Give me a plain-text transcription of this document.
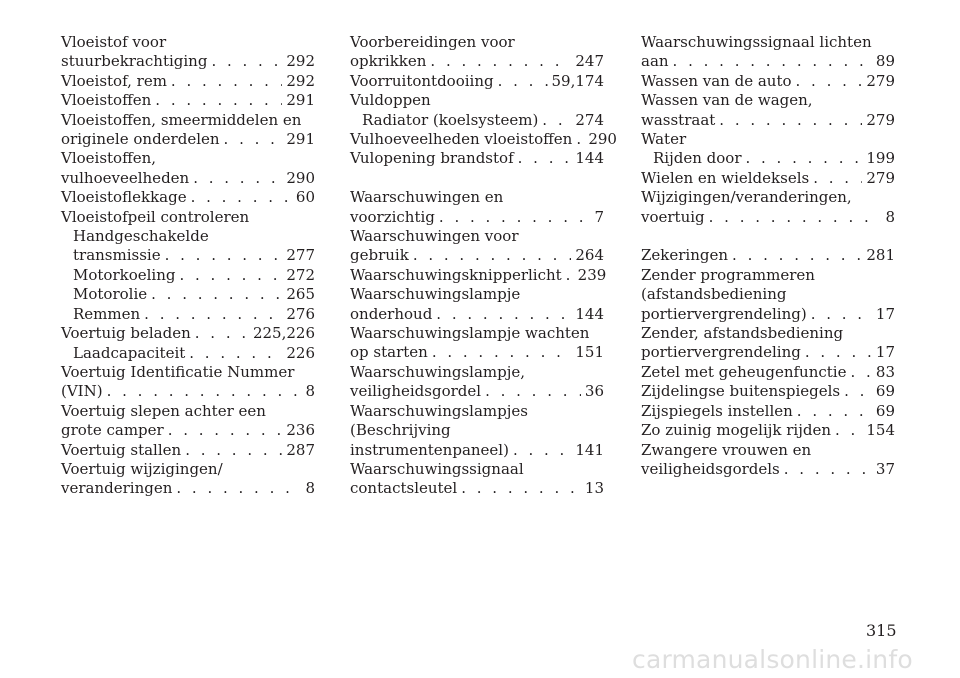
Vloeistof voor
stuurbekrachtiging . . .	292
Vloeistof, rem . . .	292
Vloeistoffen . . .	291
Vloeistoffen, smeermiddelen en
originele onderdelen . . .	291
Vloeistoffen,
vulhoeveelheden . . .	290
Vloeistoflekkage . . .	60
Vloeistofpeil controleren
Handgeschakelde
transmissie . . .	277
Motorkoeling . . .	272
Motorolie . . .	265
Remmen . . .	276
Voertuig beladen . . .	225,226
Laadcapaciteit . . .	226
Voertuig Identificatie Nummer
(VIN) . . .	8
Voertuig slepen achter een
grote camper . . .	236
Voertuig stallen . . .	287
Voertuig wijzigingen/
veranderingen . . .	8
Voorbereidingen voor
opkrikken . . .	247
Voorruitontdooiing . . .	59,174
Vuldoppen
Radiator (koelsysteem) . . . 274
Vulhoeveelheden vloeistoffen . . . 290
Vulopening brandstof . . .	144
Waarschuwingen en
voorzichtig . . .	7
Waarschuwingen voor
gebruik . . .	264
Waarschuwingsknipperlicht . . . 239
Waarschuwingslampje
onderhoud . . .	144
Waarschuwingslampje wachten
op starten . . .	151
Waarschuwingslampje,
veiligheidsgordel . . .	36
Waarschuwingslampjes
(Beschrijving
instrumentenpaneel) . . .	141
Waarschuwingssignaal
contactsleutel . . .	13
Waarschuwingssignaal lichten
aan . . .	89
Wassen van de auto . . .	279
Wassen van de wagen,
wasstraat . . .	279
Water
Rijden door . . .	199
Wielen en wieldeksels . . .	279
Wijzigingen/veranderingen,
voertuig . . .	8
Zekeringen . . .	281
Zender programmeren
(afstandsbediening
portiervergrendeling) . . .	17
Zender, afstandsbediening
portiervergrendeling . . .	17
Zetel met geheugenfunctie . . . 83
Zijdelingse buitenspiegels . . . 69
Zijspiegels instellen . . .	69
Zo zuinig mogelijk rijden . . . 154
Zwangere vrouwen en
veiligheidsgordels . . .	37
315
carmanualsonline.info
